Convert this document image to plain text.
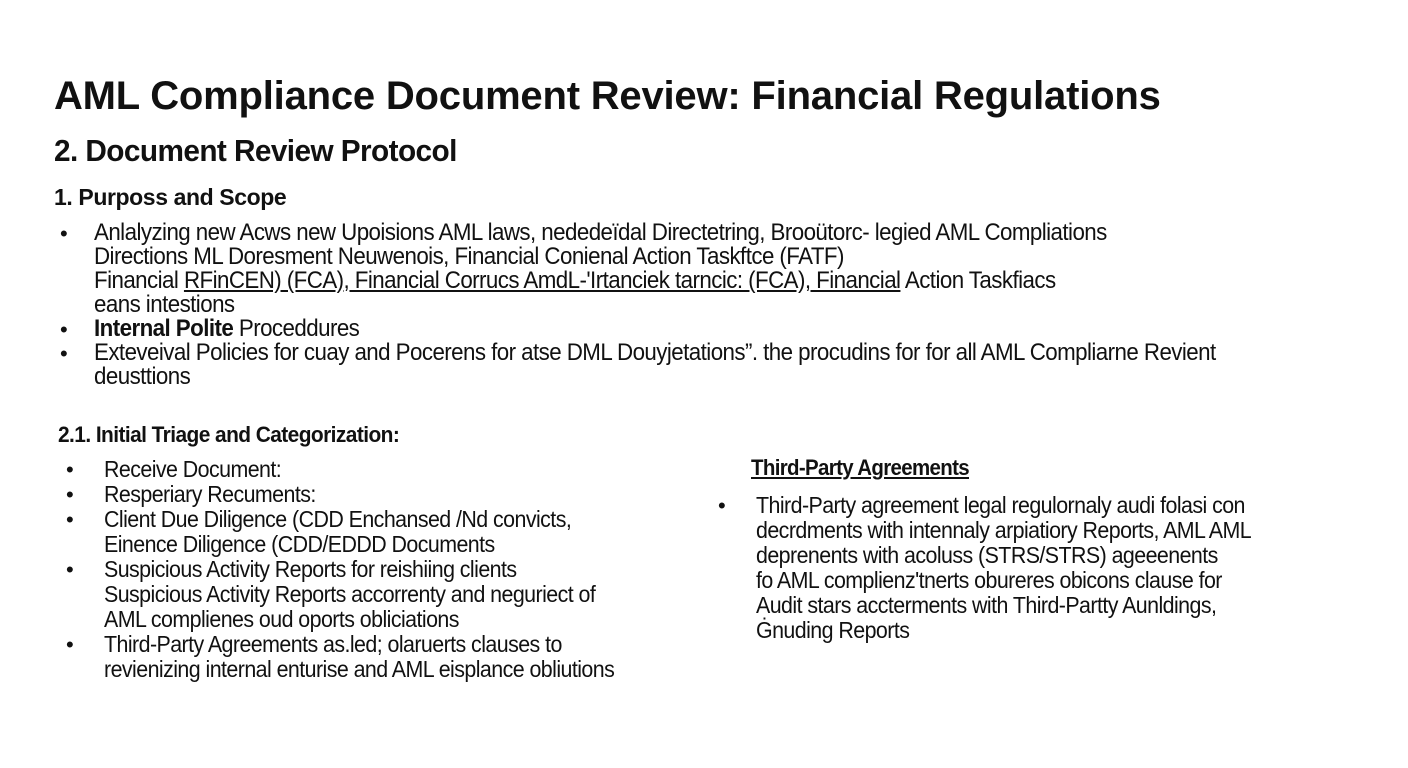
AML Compliance Document Review: Financial Regulations
2. Document Review Protocol
1. Purposs and Scope
• Anlalyzing new Acws new Upoisions AML laws, nededeïdal Directetring, Brooütorc- legied AML Compliations
Directions ML Doresment Neuwenois, Financial Conienal Action Taskftce (FATF)
Financial RFinCEN) (FCA), Financial Corrucs AmdL-'Irtanciek tarncic: (FCA), Financial Action Taskfiacs
eans intestions
• Internal Polite Proceddures
• Exteveival Policies for cuay and Pocerens for atse DML Douyjetations”. the procudins for for all AML Compliarne Revient
deusttions
2.1. Initial Triage and Categorization:
• Receive Document:
• Resperiary Recuments:
• Client Due Diligence (CDD Enchansed /Nd convicts,
Einence Diligence (CDD/EDDD Documents
• Suspicious Activity Reports for reishiing clients
Suspicious Activity Reports accorrenty and neguriect of
AML complienes oud oports obliciations
• Third-Party Agreements as.led; olaruerts clauses to
revienizing internal enturise and AML eisplance obliutions
Third-Party Agreements
• Third-Party agreement legal regulornaly audi folasi con
decrdments with intennaly arpiatiory Reports, AML AML
deprenents with acoluss (STRS/STRS) ageeenents
fo AML complienz'tnerts obureres obicons clause for
Audit stars accterments with Third-Partty Aunldings,
Ġnuding Reports
